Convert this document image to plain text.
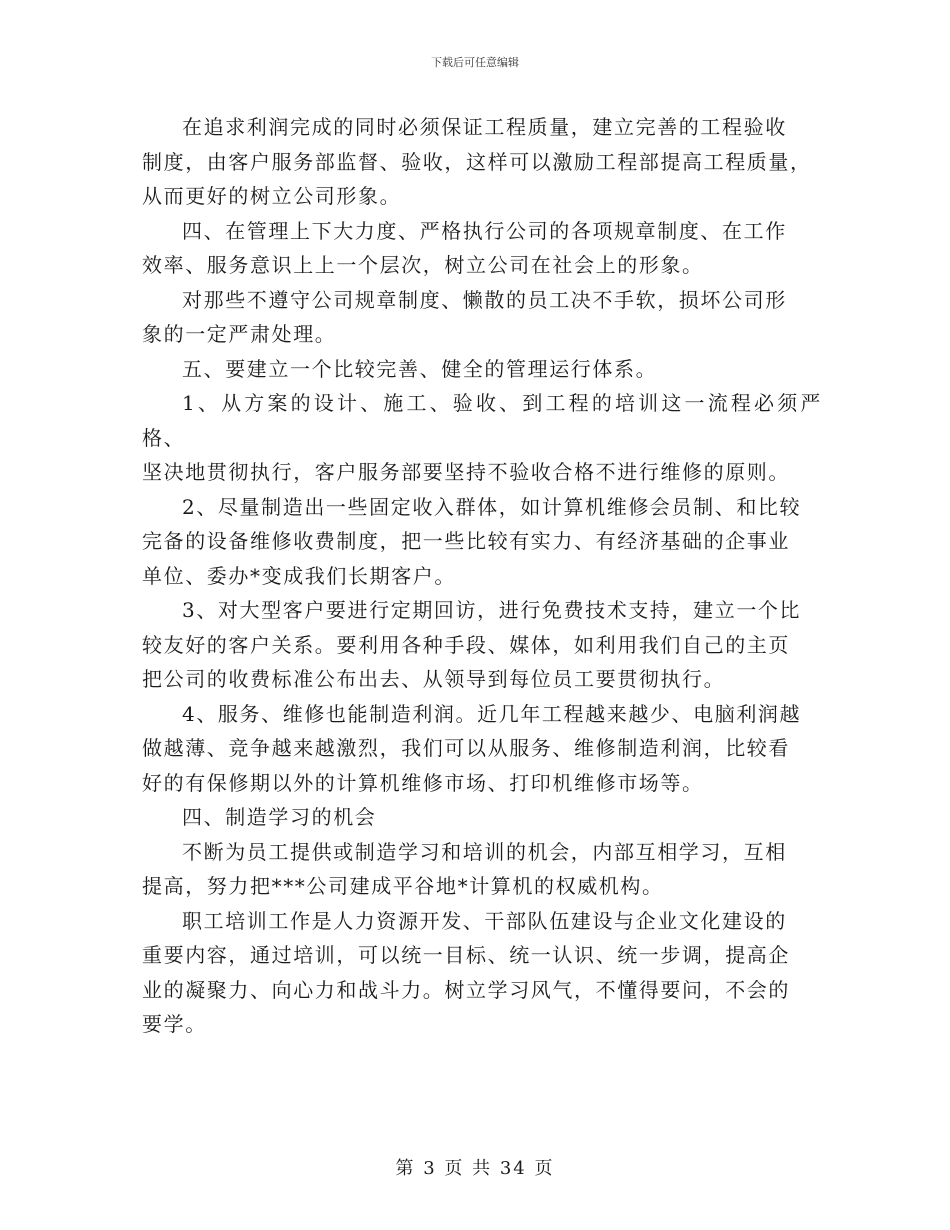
下载后可任意编辑

在追求利润完成的同时必须保证工程质量，建立完善的工程验收
制度，由客户服务部监督、验收，这样可以激励工程部提高工程质量，
从而更好的树立公司形象。

四、在管理上下大力度、严格执行公司的各项规章制度、在工作
效率、服务意识上上一个层次，树立公司在社会上的形象。

对那些不遵守公司规章制度、懒散的员工决不手软，损坏公司形
象的一定严肃处理。

五、要建立一个比较完善、健全的管理运行体系。

1、从方案的设计、施工、验收、到工程的培训这一流程必须严格、
坚决地贯彻执行，客户服务部要坚持不验收合格不进行维修的原则。

2、尽量制造出一些固定收入群体，如计算机维修会员制、和比较
完备的设备维修收费制度，把一些比较有实力、有经济基础的企事业
单位、委办*变成我们长期客户。

3、对大型客户要进行定期回访，进行免费技术支持，建立一个比
较友好的客户关系。要利用各种手段、媒体，如利用我们自己的主页
把公司的收费标准公布出去、从领导到每位员工要贯彻执行。

4、服务、维修也能制造利润。近几年工程越来越少、电脑利润越
做越薄、竞争越来越激烈，我们可以从服务、维修制造利润，比较看
好的有保修期以外的计算机维修市场、打印机维修市场等。

四、制造学习的机会

不断为员工提供或制造学习和培训的机会，内部互相学习，互相
提高，努力把***公司建成平谷地*计算机的权威机构。

职工培训工作是人力资源开发、干部队伍建设与企业文化建设的
重要内容，通过培训，可以统一目标、统一认识、统一步调，提高企
业的凝聚力、向心力和战斗力。树立学习风气，不懂得要问，不会的
要学。

第 3 页 共 34 页
